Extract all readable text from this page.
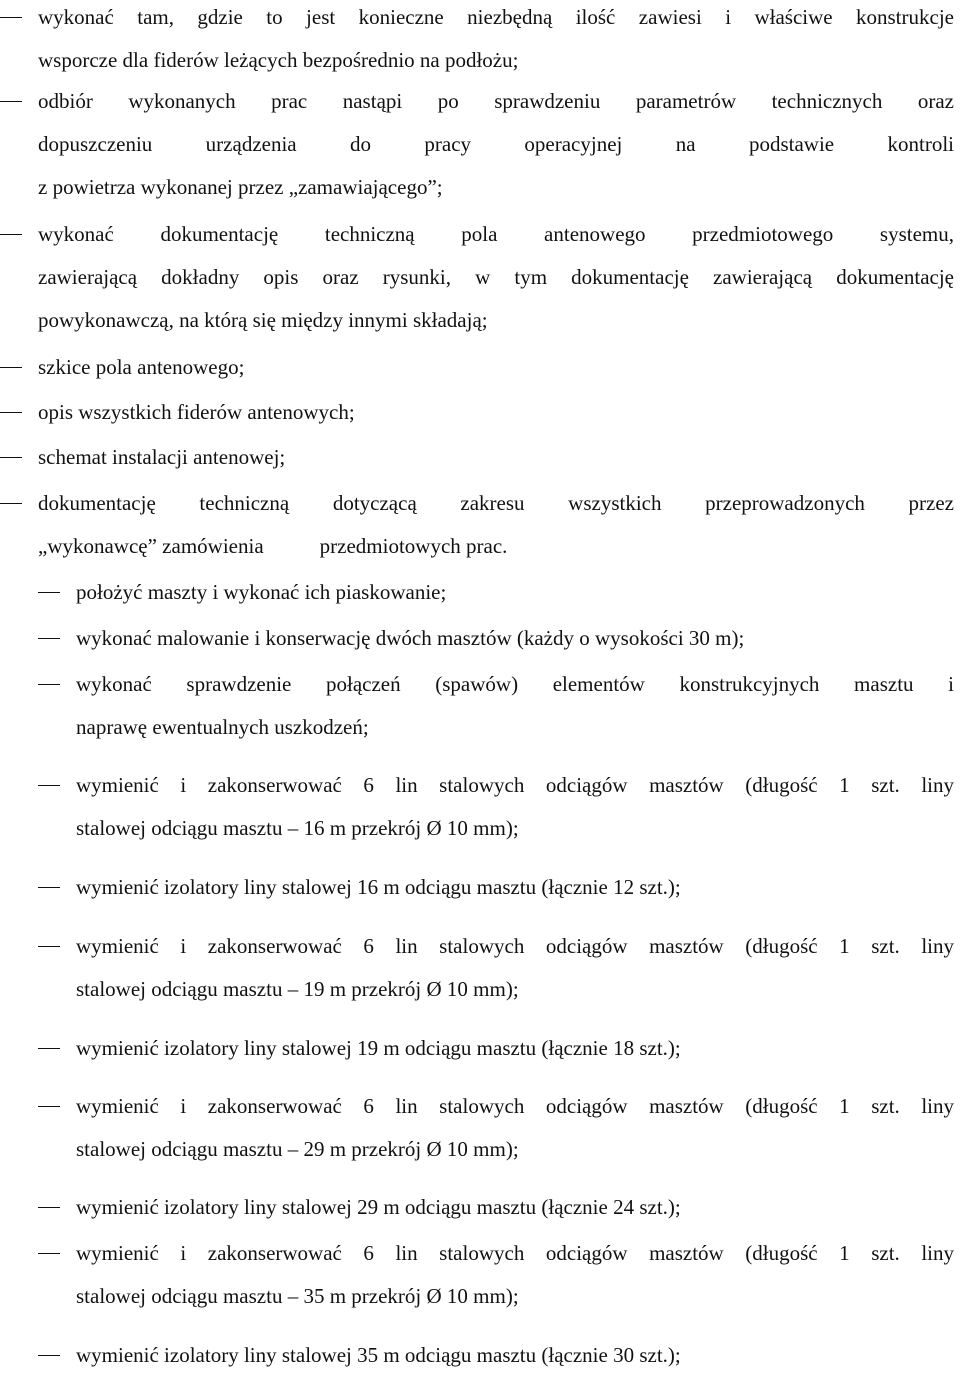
wykonać tam, gdzie to jest konieczne niezbędną ilość zawiesi i właściwe konstrukcje
wsporcze dla fiderów leżących bezpośrednio na podłożu;
odbiór wykonanych prac nastąpi po sprawdzeniu parametrów technicznych oraz
dopuszczeniu urządzenia do pracy operacyjnej na podstawie kontroli
z powietrza wykonanej przez „zamawiającego”;
wykonać dokumentację techniczną pola antenowego przedmiotowego systemu,
zawierającą dokładny opis oraz rysunki, w tym dokumentację zawierającą dokumentację
powykonawczą, na którą się między innymi składają;
szkice pola antenowego;
opis wszystkich fiderów antenowych;
schemat instalacji antenowej;
dokumentację techniczną dotyczącą zakresu wszystkich przeprowadzonych przez
„wykonawcę” zamówienia	przedmiotowych prac.
położyć maszty i wykonać ich piaskowanie;
wykonać malowanie i konserwację dwóch masztów (każdy o wysokości 30 m);
wykonać sprawdzenie połączeń (spawów) elementów konstrukcyjnych masztu i
naprawę ewentualnych uszkodzeń;
wymienić i zakonserwować 6 lin stalowych odciągów masztów (długość 1 szt. liny
stalowej odciągu masztu – 16 m przekrój Ø 10 mm);
wymienić izolatory liny stalowej 16 m odciągu masztu (łącznie 12 szt.);
wymienić i zakonserwować 6 lin stalowych odciągów masztów (długość 1 szt. liny
stalowej odciągu masztu – 19 m przekrój Ø 10 mm);
wymienić izolatory liny stalowej 19 m odciągu masztu (łącznie 18 szt.);
wymienić i zakonserwować 6 lin stalowych odciągów masztów (długość 1 szt. liny
stalowej odciągu masztu – 29 m przekrój Ø 10 mm);
wymienić izolatory liny stalowej 29 m odciągu masztu (łącznie 24 szt.);
wymienić i zakonserwować 6 lin stalowych odciągów masztów (długość 1 szt. liny
stalowej odciągu masztu – 35 m przekrój Ø 10 mm);
wymienić izolatory liny stalowej 35 m odciągu masztu (łącznie 30 szt.);
